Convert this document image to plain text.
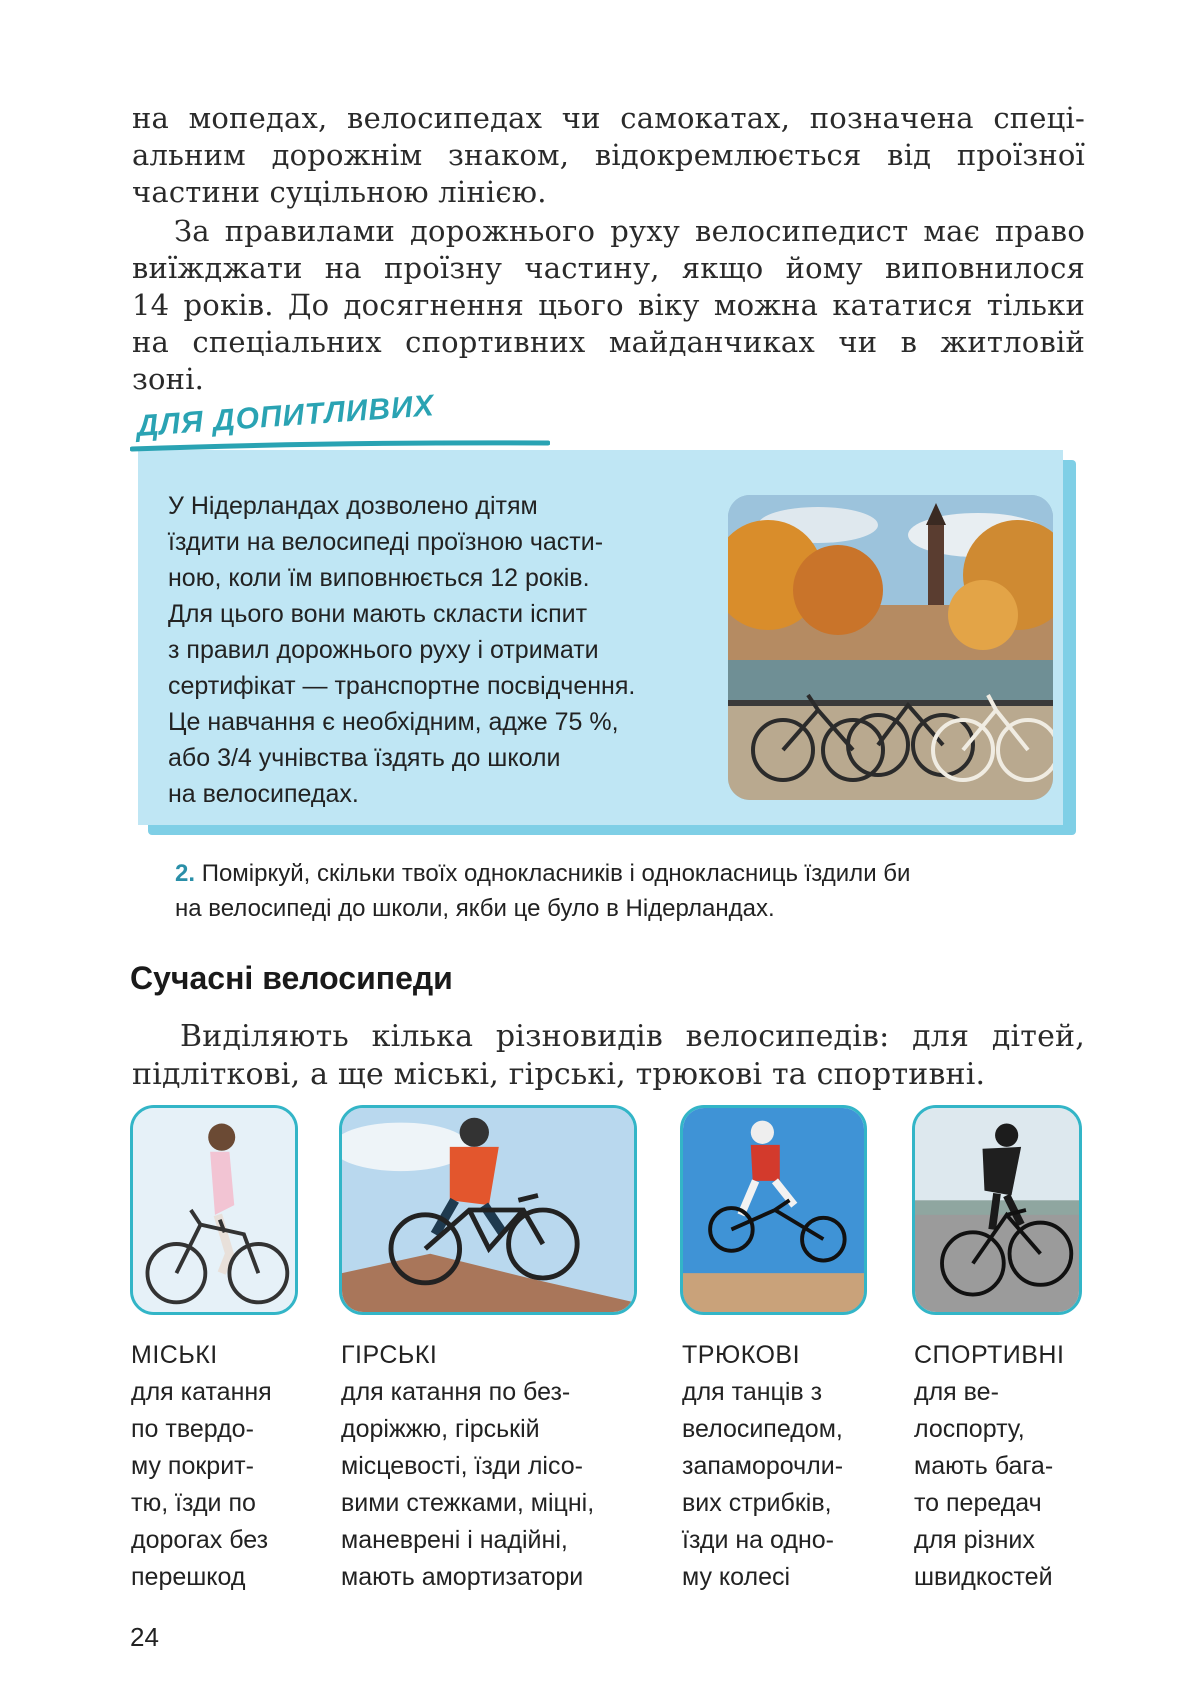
на мопедах, велосипедах чи самокатах, позначена спеці-
альним дорожнім знаком, відокремлюється від проїзної
частини суцільною лінією.
За правилами дорожнього руху велосипедист має право
виїжджати на проїзну частину, якщо йому виповнилося
14 років. До досягнення цього віку можна кататися тільки
на спеціальних спортивних майданчиках чи в житловій
зоні.
ДЛЯ ДОПИТЛИВИХ
У Нідерландах дозволено дітям
їздити на велосипеді проїзною части-
ною, коли їм виповнюється 12 років.
Для цього вони мають скласти іспит
з правил дорожнього руху і отримати
сертифікат — транспортне посвідчення.
Це навчання є необхідним, адже 75 %,
або 3/4 учнівства їздять до школи
на велосипедах.
2. Поміркуй, скільки твоїх однокласників і однокласниць їздили би
на велосипеді до школи, якби це було в Нідерландах.
Сучасні велосипеди
Виділяють кілька різновидів велосипедів: для дітей,
підліткові, а ще міські, гірські, трюкові та спортивні.
МІСЬКІ
для катання
по твердо-
му покрит-
тю, їзди по
дорогах без
перешкод
ГІРСЬКІ
для катання по без-
доріжжю, гірській
місцевості, їзди лісо-
вими стежками, міцні,
маневрені і надійні,
мають амортизатори
ТРЮКОВІ
для танців з
велосипедом,
запаморочли-
вих стрибків,
їзди на одно-
му колесі
СПОРТИВНІ
для ве-
лоспорту,
мають бага-
то передач
для різних
швидкостей
24
